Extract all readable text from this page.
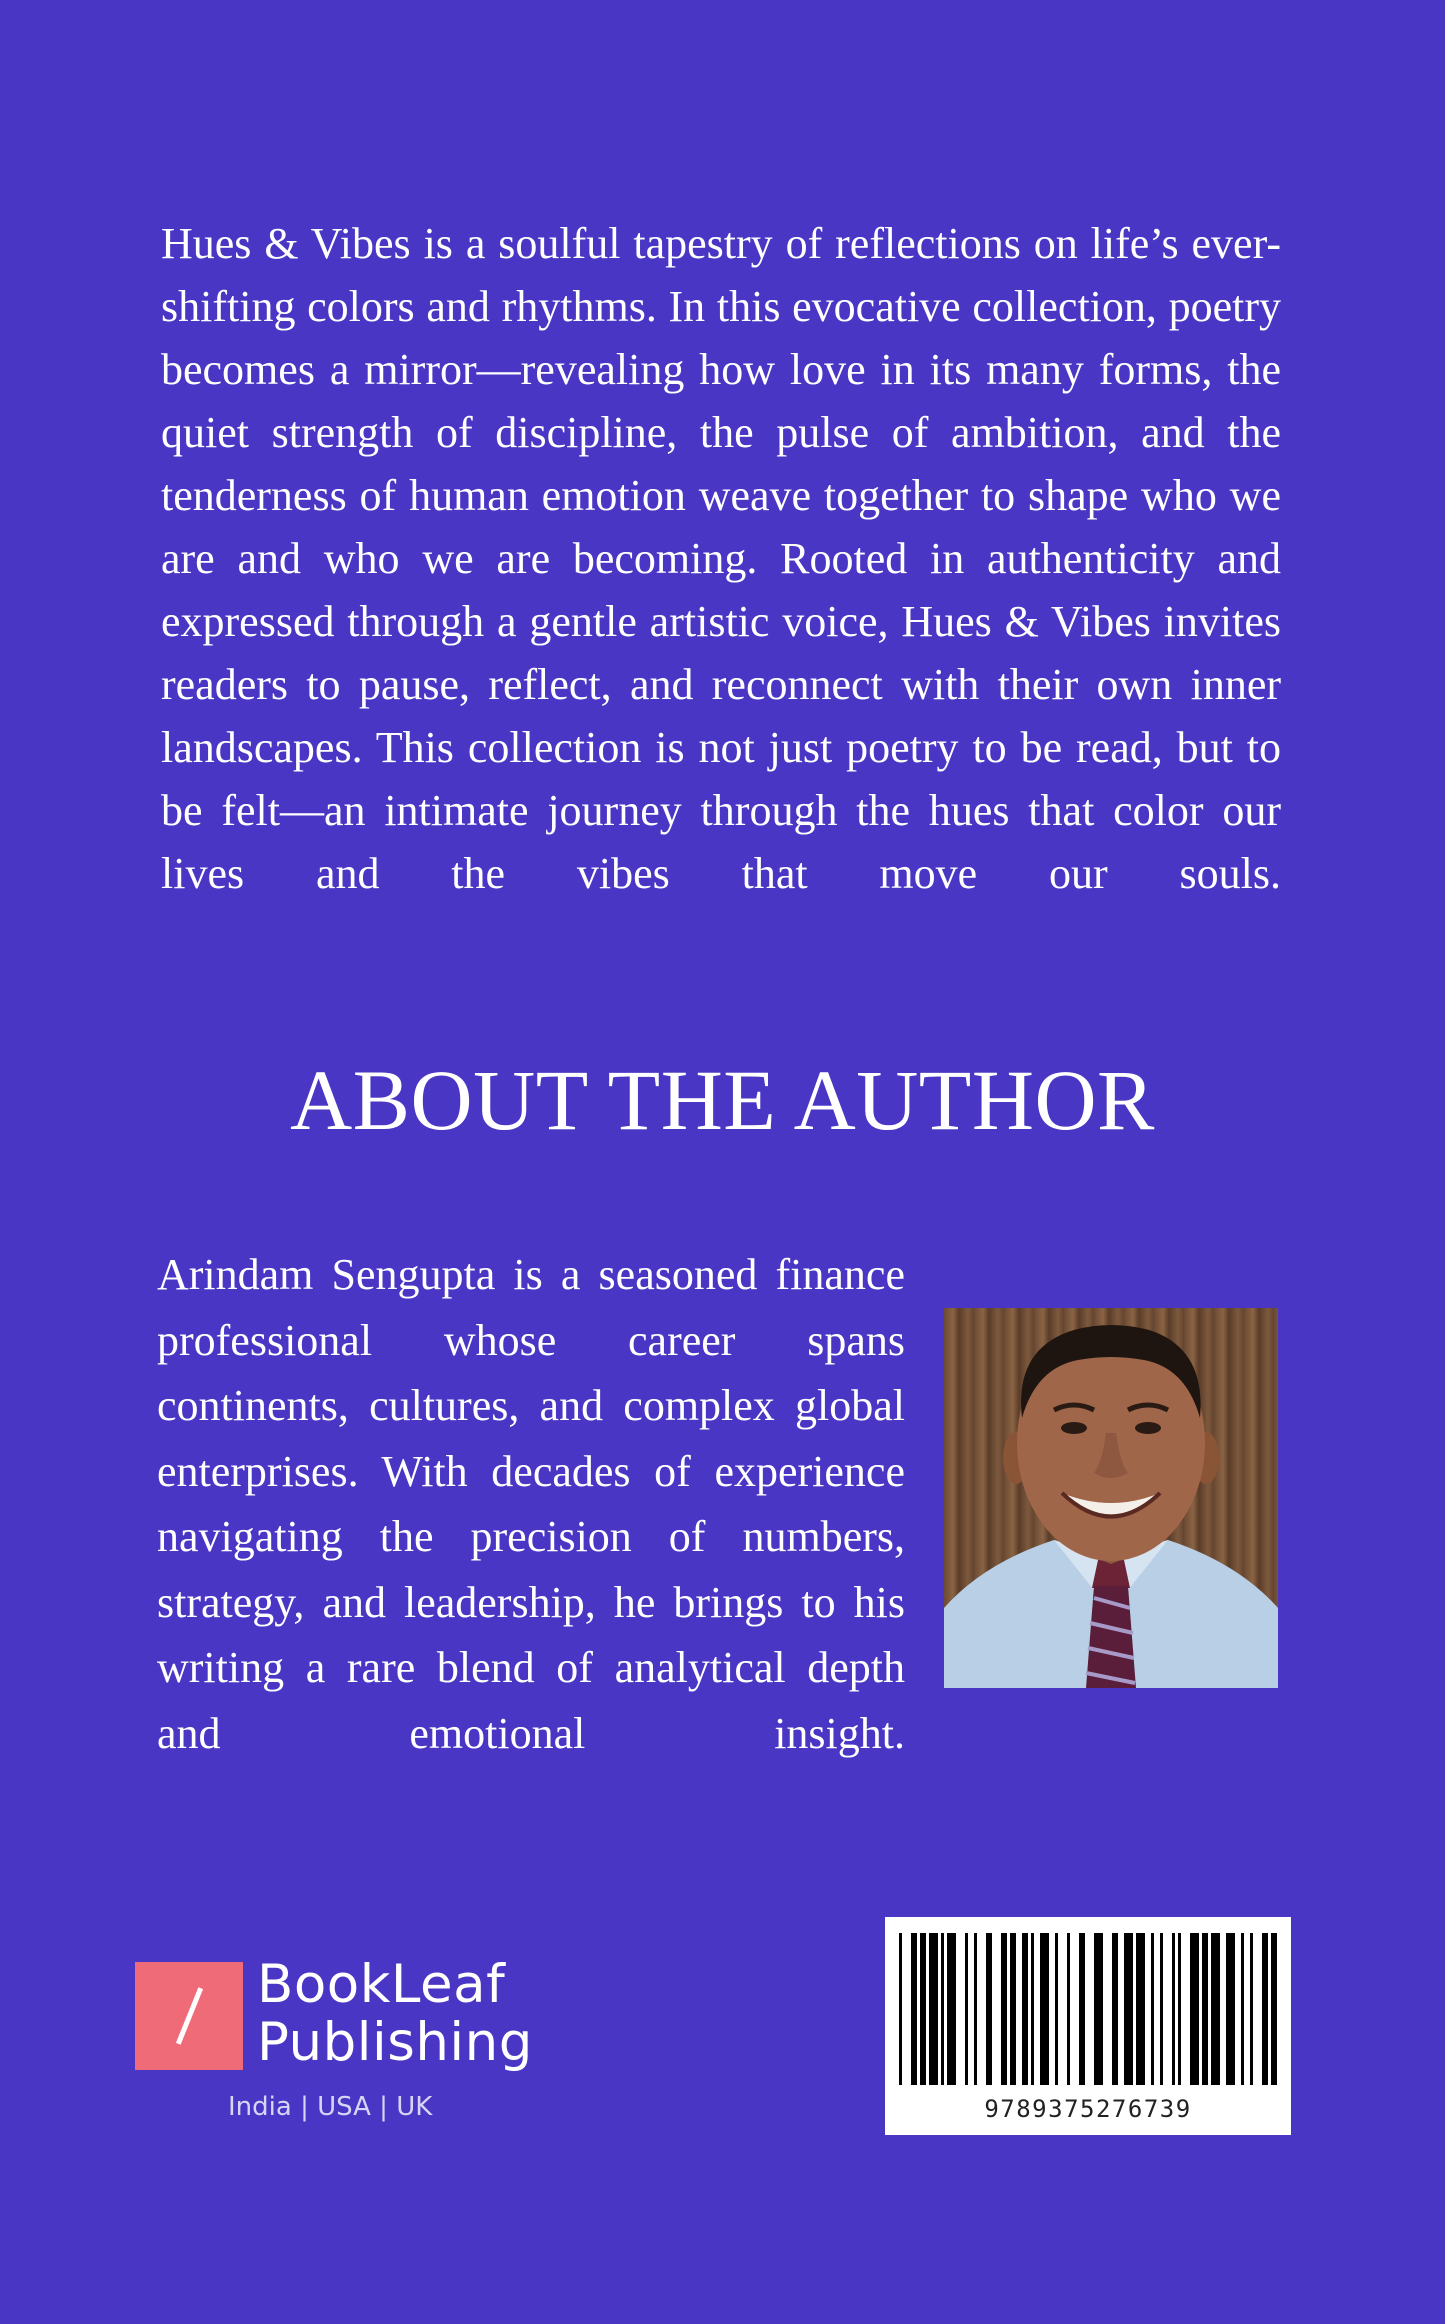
Hues & Vibes is a soulful tapestry of reflections on life’s ever-shifting colors and rhythms. In this evocative collection, poetry becomes a mirror—revealing how love in its many forms, the quiet strength of discipline, the pulse of ambition, and the tenderness of human emotion weave together to shape who we are and who we are becoming. Rooted in authenticity and expressed through a gentle artistic voice, Hues & Vibes invites readers to pause, reflect, and reconnect with their own inner landscapes. This collection is not just poetry to be read, but to be felt—an intimate journey through the hues that color our lives and the vibes that move our souls.

ABOUT THE AUTHOR

Arindam Sengupta is a seasoned finance professional whose career spans continents, cultures, and complex global enterprises. With decades of experience navigating the precision of numbers, strategy, and leadership, he brings to his writing a rare blend of analytical depth and emotional insight.

BookLeaf
Publishing
India | USA | UK	9789375276739
